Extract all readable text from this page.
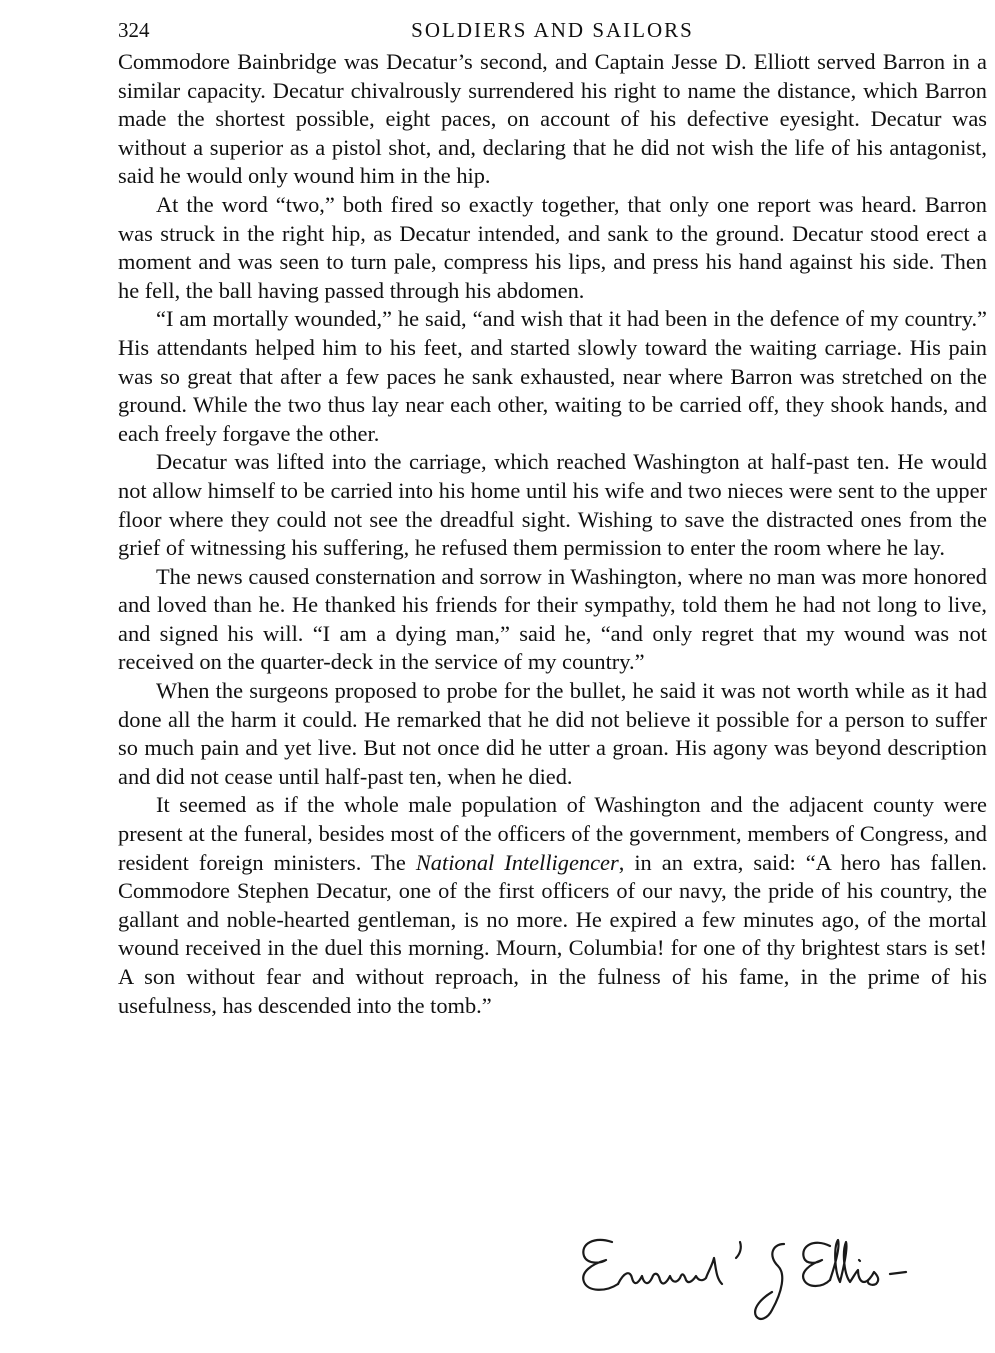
324	SOLDIERS AND SAILORS

Commodore Bainbridge was Decatur’s second, and Captain Jesse D. Elliott served Barron in a similar capacity. Decatur chivalrously surrendered his right to name the distance, which Barron made the shortest possible, eight paces, on account of his defective eyesight. Decatur was without a superior as a pistol shot, and, declaring that he did not wish the life of his antagonist, said he would only wound him in the hip.

At the word “two,” both fired so exactly together, that only one report was heard. Barron was struck in the right hip, as Decatur intended, and sank to the ground. Decatur stood erect a moment and was seen to turn pale, compress his lips, and press his hand against his side. Then he fell, the ball having passed through his abdomen.

“I am mortally wounded,” he said, “and wish that it had been in the defence of my country.” His attendants helped him to his feet, and started slowly toward the waiting carriage. His pain was so great that after a few paces he sank exhausted, near where Barron was stretched on the ground. While the two thus lay near each other, waiting to be carried off, they shook hands, and each freely forgave the other.

Decatur was lifted into the carriage, which reached Washington at half-past ten. He would not allow himself to be carried into his home until his wife and two nieces were sent to the upper floor where they could not see the dreadful sight. Wishing to save the distracted ones from the grief of witnessing his suffering, he refused them permission to enter the room where he lay.

The news caused consternation and sorrow in Washington, where no man was more honored and loved than he. He thanked his friends for their sympathy, told them he had not long to live, and signed his will. “I am a dying man,” said he, “and only regret that my wound was not received on the quarter-deck in the service of my country.”

When the surgeons proposed to probe for the bullet, he said it was not worth while as it had done all the harm it could. He remarked that he did not believe it possible for a person to suffer so much pain and yet live. But not once did he utter a groan. His agony was beyond description and did not cease until half-past ten, when he died.

It seemed as if the whole male population of Washington and the adjacent county were present at the funeral, besides most of the officers of the government, members of Congress, and resident foreign ministers. The National Intelligencer, in an extra, said: “A hero has fallen. Commodore Stephen Decatur, one of the first officers of our navy, the pride of his country, the gallant and noble-hearted gentleman, is no more. He expired a few minutes ago, of the mortal wound received in the duel this morning. Mourn, Columbia! for one of thy brightest stars is set! A son without fear and without reproach, in the fulness of his fame, in the prime of his usefulness, has descended into the tomb.”
